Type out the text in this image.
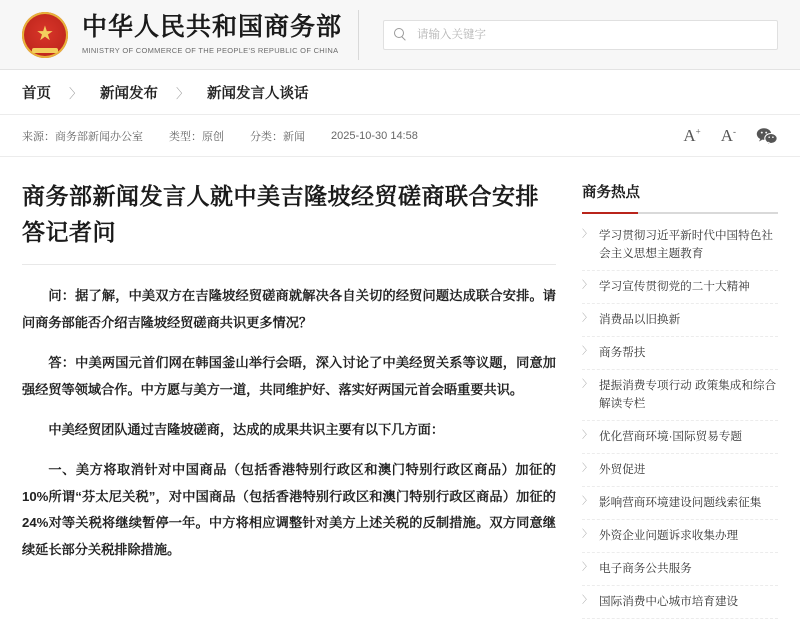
★
中华人民共和国商务部
MINISTRY OF COMMERCE OF THE PEOPLE'S REPUBLIC OF CHINA
请输入关键字
首页 〉 新闻发布 〉 新闻发言人谈话
来源：商务部新闻办公室 类型：原创 分类：新闻 2025-10-30 14:58	A+ A-
商务部新闻发言人就中美吉隆坡经贸磋商联合安排答记者问

问：据了解，中美双方在吉隆坡经贸磋商就解决各自关切的经贸问题达成联合安排。请问商务部能否介绍吉隆坡经贸磋商共识更多情况？

答：中美两国元首们网在韩国釜山举行会晤，深入讨论了中美经贸关系等议题，同意加强经贸等领域合作。中方愿与美方一道，共同维护好、落实好两国元首会晤重要共识。

中美经贸团队通过吉隆坡磋商，达成的成果共识主要有以下几方面：

一、美方将取消针对中国商品（包括香港特别行政区和澳门特别行政区商品）加征的10%所谓“芬太尼关税”，对中国商品（包括香港特别行政区和澳门特别行政区商品）加征的24%对等关税将继续暂停一年。中方将相应调整针对美方上述关税的反制措施。双方同意继续延长部分关税排除措施。

商务热点
〉 学习贯彻习近平新时代中国特色社会主义思想主题教育
〉 学习宣传贯彻党的二十大精神
〉 消费品以旧换新
〉 商务帮扶
〉 提振消费专项行动 政策集成和综合解读专栏
〉 优化营商环境·国际贸易专题
〉 外贸促进
〉 影响营商环境建设问题线索征集
〉 外资企业问题诉求收集办理
〉 电子商务公共服务
〉 国际消费中心城市培育建设
